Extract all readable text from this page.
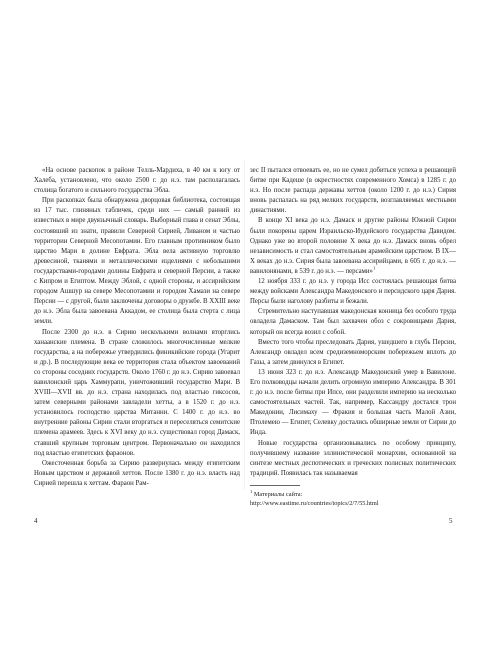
«На основе раскопок в районе Телль-Мардиха, в 40 км к югу от Халеба, установлено, что около 2500 г. до н.э. там располагалась столица богатого и сильного государства Эбла.

При раскопках была обнаружена дворцовая библиотека, состоящая из 17 тыс. глиняных табличек, среди них — самый ранний из известных в мире двуязычный словарь. Выборный глава и сенат Эблы, состоявший из знати, правили Северной Сирией, Ливаном и частью территории Северной Месопотамии. Его главным противником было царство Мари в долине Евфрата. Эбла вела активную торговлю древесиной, тканями и металлическими изделиями с небольшими государствами-городами долины Евфрата и северной Персии, а также с Кипром и Египтом. Между Эблой, с одной стороны, и ассирийским городом Ашшур на севере Месопотамии и городом Хамази на севере Персии — с другой, были заключены договоры о дружбе. В XXIII веке до н.э. Эбла была завоевана Аккадом, ее столица была стерта с лица земли.

После 2300 до н.э. в Сирию несколькими волнами вторглись ханаанские племена. В стране сложилось многочисленные мелкие государства, а на побережье утвердились финикийские города (Угарит и др.). В последующие века ее территория стала объектом завоеваний со стороны соседних государств. Около 1760 г. до н.э. Сирию завоевал вавилонский царь Хаммурапи, уничтоживший государство Мари. В XVIII—XVII вв. до н.э. страна находилась под властью гиксосов, затем северными районами завладели хетты, а в 1520 г. до н.э. установилось господство царства Митанни. С 1400 г. до н.э. во внутренние районы Сирии стали вторгаться и переселяться семитские племена арамеев. Здесь к XVI веку до н.э. существовал город Дамаск, ставший крупным торговым центром. Первоначально он находился под властью египетских фараонов.

Ожесточенная борьба за Сирию развернулась между египетским Новым царством и державой хеттов. После 1380 г. до н.э. власть над Сирией перешла к хеттам. Фараон Рам-

зес II пытался отвоевать ее, но не сумел добиться успеха в решающей битве при Кадеше (в окрестностях современного Хомса) в 1285 г. до н.э. Но после распада державы хеттов (около 1200 г. до н.э.) Сирия вновь распалась на ряд мелких государств, возглавляемых местными династиями.

В конце XI века до н.э. Дамаск и другие районы Южной Сирии были покорены царем Израильско-Иудейского государства Давидом. Однако уже во второй половине X века до н.э. Дамаск вновь обрел независимость и стал самостоятельным арамейским царством. В IX—X веках до н.э. Сирия была завоевана ассирийцами, в 605 г. до н.э. — вавилонянами, в 539 г. до н.э. — персами»$^1$

12 ноября 333 г. до н.э. у города Исс состоялась решающая битва между войсками Александра Македонского и персидского царя Дария. Персы были наголову разбиты и бежали.

Стремительно наступавшая македонская конница без особого труда овладела Дамаском. Там был захвачен обоз с сокровищами Дария, который он всегда возил с собой.

Вместо того чтобы преследовать Дария, ушедшего в глубь Персии, Александр овладел всем средиземноморским побережьем вплоть до Газы, а затем двинулся в Египет.

13 июня 323 г. до н.э. Александр Македонский умер в Вавилоне. Его полководцы начали делить огромную империю Александра. В 301 г. до н.э. после битвы при Ипсе, они разделили империю на несколько самостоятельных частей. Так, например, Кассандру достался трон Македонии, Лисимаху — Фракия и большая часть Малой Азии, Птолемею — Египет, Селевку достались обширные земли от Сирии до Инда.

Новые государства организовывались по особому принципу, получившему название эллинистической монархии, основанной на синтезе местных деспотических и греческих полисных политических традиций. Появилась так называемая

$^1$ Материалы сайта:
http://www.eastime.ru/countries/topics/2/7/55.html
4	5
